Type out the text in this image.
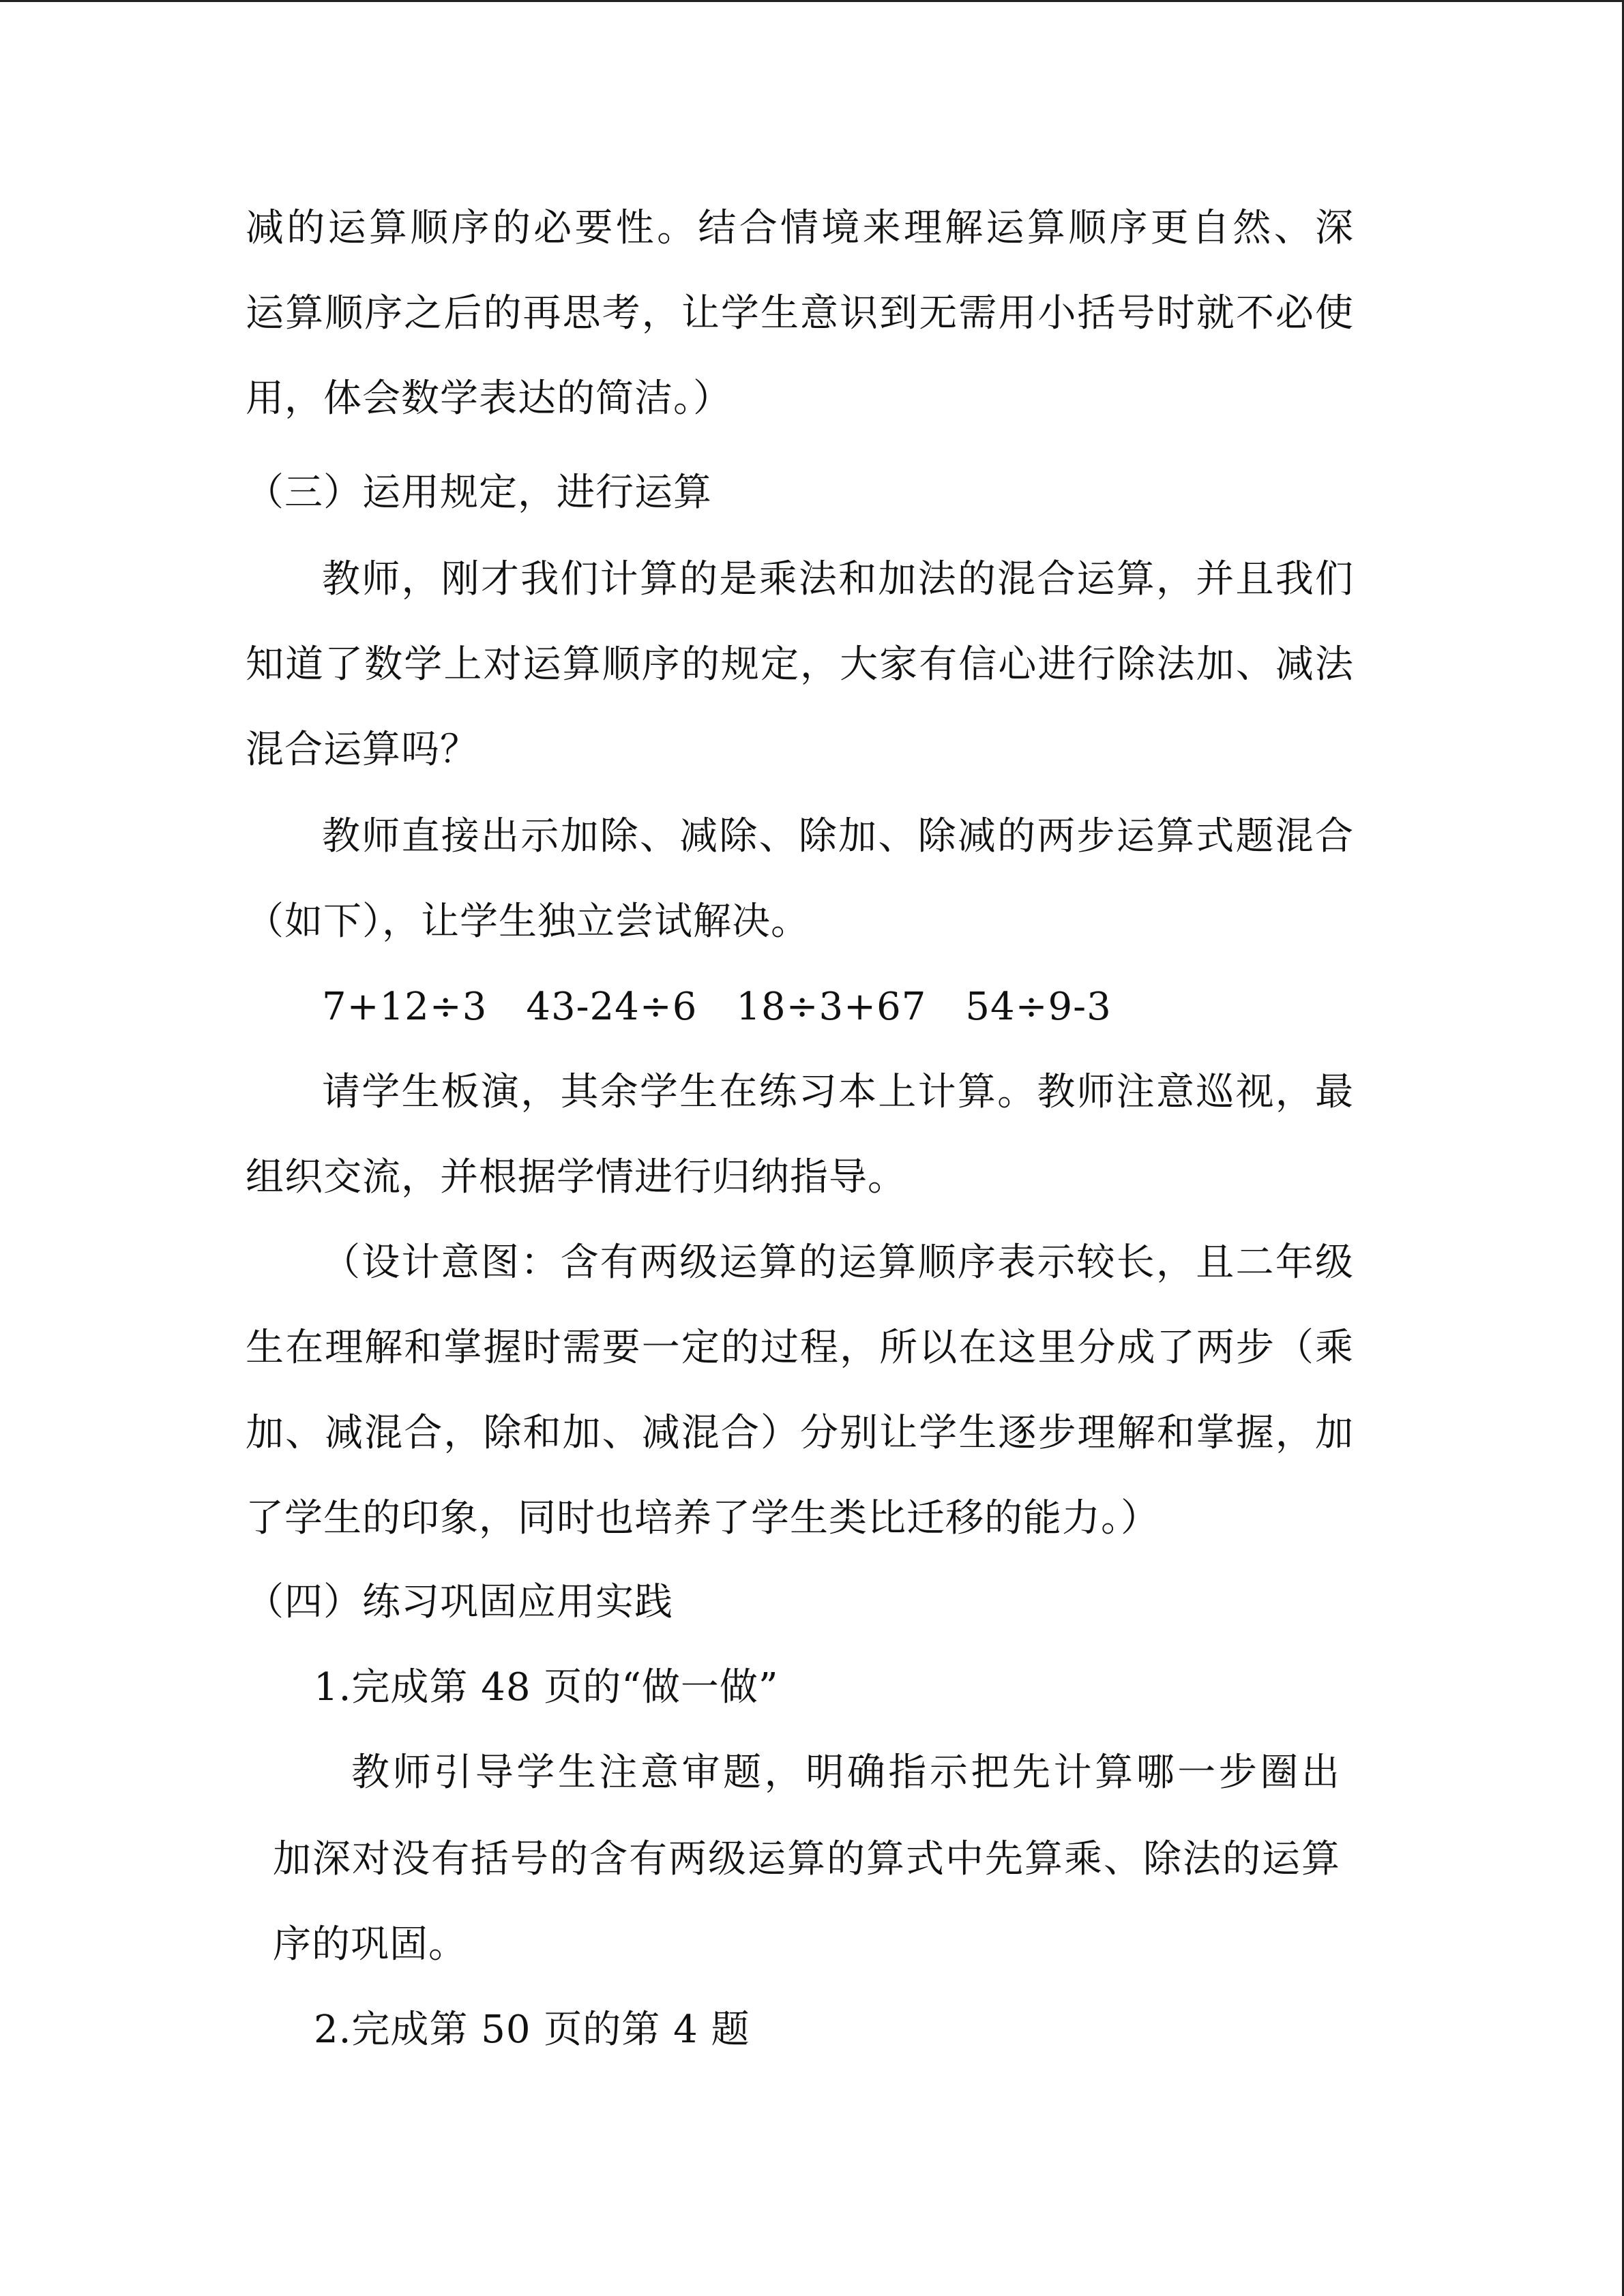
减的运算顺序的必要性。结合情境来理解运算顺序更自然、深

运算顺序之后的再思考，让学生意识到无需用小括号时就不必使

用，体会数学表达的简洁。）

（三）运用规定，进行运算

教师，刚才我们计算的是乘法和加法的混合运算，并且我们

知道了数学上对运算顺序的规定，大家有信心进行除法加、减法

混合运算吗？

教师直接出示加除、减除、除加、除减的两步运算式题混合

（如下），让学生独立尝试解决。

7+12÷3　43-24÷6　18÷3+67　54÷9-3

请学生板演，其余学生在练习本上计算。教师注意巡视，最

组织交流，并根据学情进行归纳指导。

（设计意图：含有两级运算的运算顺序表示较长，且二年级

生在理解和掌握时需要一定的过程，所以在这里分成了两步（乘

加、减混合，除和加、减混合）分别让学生逐步理解和掌握，加

了学生的印象，同时也培养了学生类比迁移的能力。）

（四）练习巩固应用实践

1.完成第 48 页的“做一做”

教师引导学生注意审题，明确指示把先计算哪一步圈出

加深对没有括号的含有两级运算的算式中先算乘、除法的运算

序的巩固。

2.完成第 50 页的第 4 题
